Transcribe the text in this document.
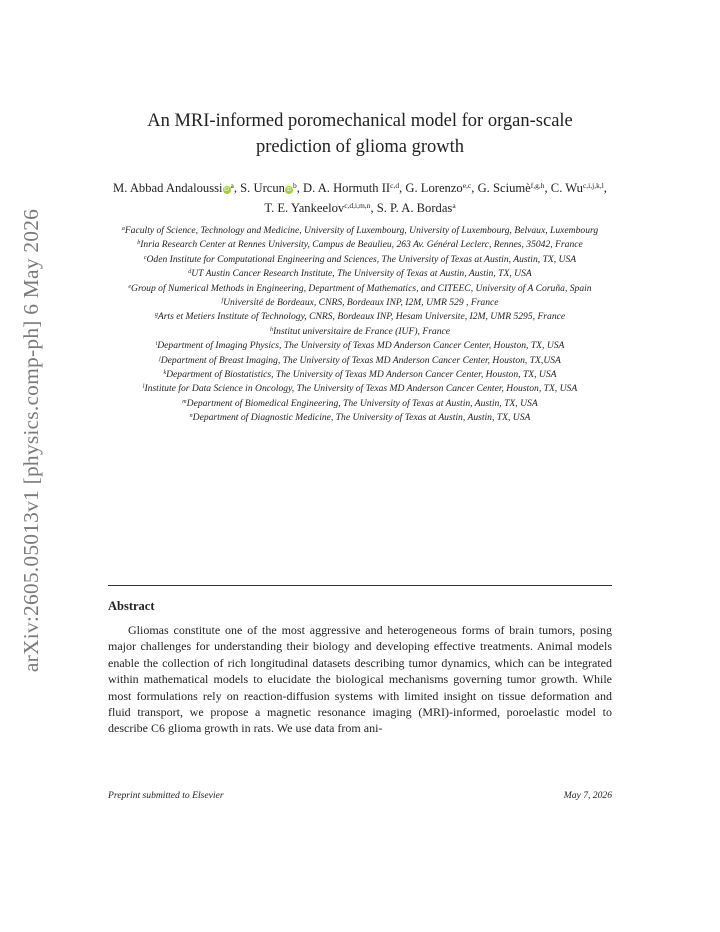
arXiv:2605.05013v1 [physics.comp-ph] 6 May 2026
An MRI-informed poromechanical model for organ-scale
prediction of glioma growth
M. Abbad Andaloussi iD $^a$, S. Urcun iD $^b$, D. A. Hormuth II$^{c,d}$, G. Lorenzo$^{e,c}$, G. Sciumè$^{f,g,h}$, C. Wu$^{c,i,j,k,l}$, T. E. Yankeelov$^{c,d,i,m,n}$, S. P. A. Bordas$^a$
$^a$Faculty of Science, Technology and Medicine, University of Luxembourg, University of Luxembourg, Belvaux, Luxembourg
$^b$Inria Research Center at Rennes University, Campus de Beaulieu, 263 Av. Général Leclerc, Rennes, 35042, France
$^c$Oden Institute for Computational Engineering and Sciences, The University of Texas at Austin, Austin, TX, USA
$^d$UT Austin Cancer Research Institute, The University of Texas at Austin, Austin, TX, USA
$^e$Group of Numerical Methods in Engineering, Department of Mathematics, and CITEEC, University of A Coruña, Spain
$^f$Université de Bordeaux, CNRS, Bordeaux INP, I2M, UMR 529 , France
$^g$Arts et Metiers Institute of Technology, CNRS, Bordeaux INP, Hesam Universite, I2M, UMR 5295, France
$^h$Institut universitaire de France (IUF), France
$^i$Department of Imaging Physics, The University of Texas MD Anderson Cancer Center, Houston, TX, USA
$^j$Department of Breast Imaging, The University of Texas MD Anderson Cancer Center, Houston, TX,USA
$^k$Department of Biostatistics, The University of Texas MD Anderson Cancer Center, Houston, TX, USA
$^l$Institute for Data Science in Oncology, The University of Texas MD Anderson Cancer Center, Houston, TX, USA
$^m$Department of Biomedical Engineering, The University of Texas at Austin, Austin, TX, USA
$^n$Department of Diagnostic Medicine, The University of Texas at Austin, Austin, TX, USA
Abstract
Gliomas constitute one of the most aggressive and heterogeneous forms of brain tumors, posing major challenges for understanding their biology and developing effective treatments. Animal models enable the collection of rich longitudinal datasets describing tumor dynamics, which can be integrated within mathematical models to elucidate the biological mechanisms governing tumor growth. While most formulations rely on reaction-diffusion systems with limited insight on tissue deformation and fluid transport, we propose a magnetic resonance imaging (MRI)-informed, poroelastic model to describe C6 glioma growth in rats. We use data from ani-
Preprint submitted to Elsevier	May 7, 2026
